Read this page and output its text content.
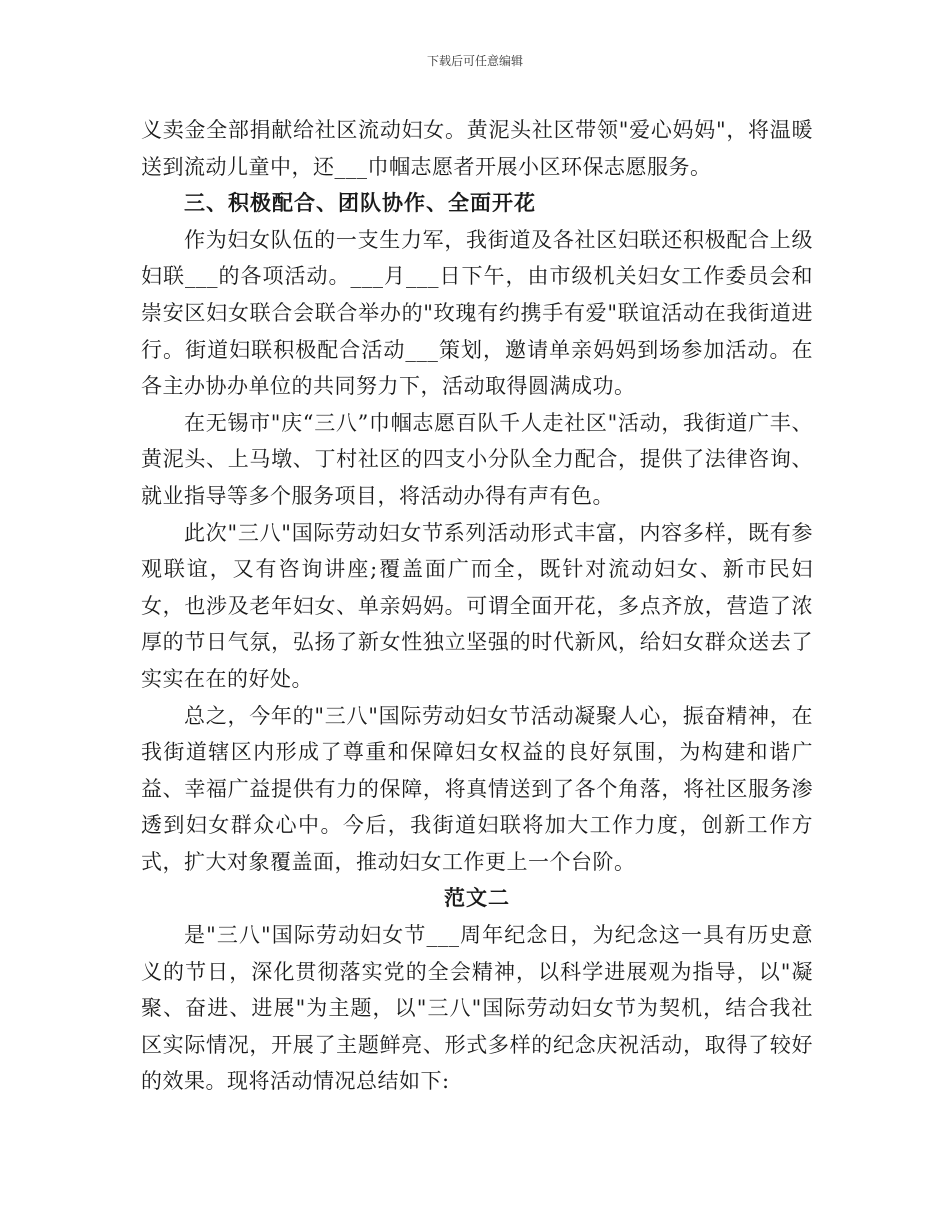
下载后可任意编辑

义卖金全部捐献给社区流动妇女。黄泥头社区带领"爱心妈妈"，将温暖送到流动儿童中，还___巾帼志愿者开展小区环保志愿服务。

三、积极配合、团队协作、全面开花

作为妇女队伍的一支生力军，我街道及各社区妇联还积极配合上级妇联___的各项活动。___月___日下午，由市级机关妇女工作委员会和崇安区妇女联合会联合举办的"玫瑰有约携手有爱"联谊活动在我街道进行。街道妇联积极配合活动___策划，邀请单亲妈妈到场参加活动。在各主办协办单位的共同努力下，活动取得圆满成功。

在无锡市"庆“三八”巾帼志愿百队千人走社区"活动，我街道广丰、黄泥头、上马墩、丁村社区的四支小分队全力配合，提供了法律咨询、就业指导等多个服务项目，将活动办得有声有色。

此次"三八"国际劳动妇女节系列活动形式丰富，内容多样，既有参观联谊，又有咨询讲座;覆盖面广而全，既针对流动妇女、新市民妇女，也涉及老年妇女、单亲妈妈。可谓全面开花，多点齐放，营造了浓厚的节日气氛，弘扬了新女性独立坚强的时代新风，给妇女群众送去了实实在在的好处。

总之，今年的"三八"国际劳动妇女节活动凝聚人心，振奋精神，在我街道辖区内形成了尊重和保障妇女权益的良好氛围，为构建和谐广益、幸福广益提供有力的保障，将真情送到了各个角落，将社区服务渗透到妇女群众心中。今后，我街道妇联将加大工作力度，创新工作方式，扩大对象覆盖面，推动妇女工作更上一个台阶。

范文二

是"三八"国际劳动妇女节___周年纪念日，为纪念这一具有历史意义的节日，深化贯彻落实党的全会精神，以科学进展观为指导，以"凝聚、奋进、进展"为主题，以"三八"国际劳动妇女节为契机，结合我社区实际情况，开展了主题鲜亮、形式多样的纪念庆祝活动，取得了较好的效果。现将活动情况总结如下:
